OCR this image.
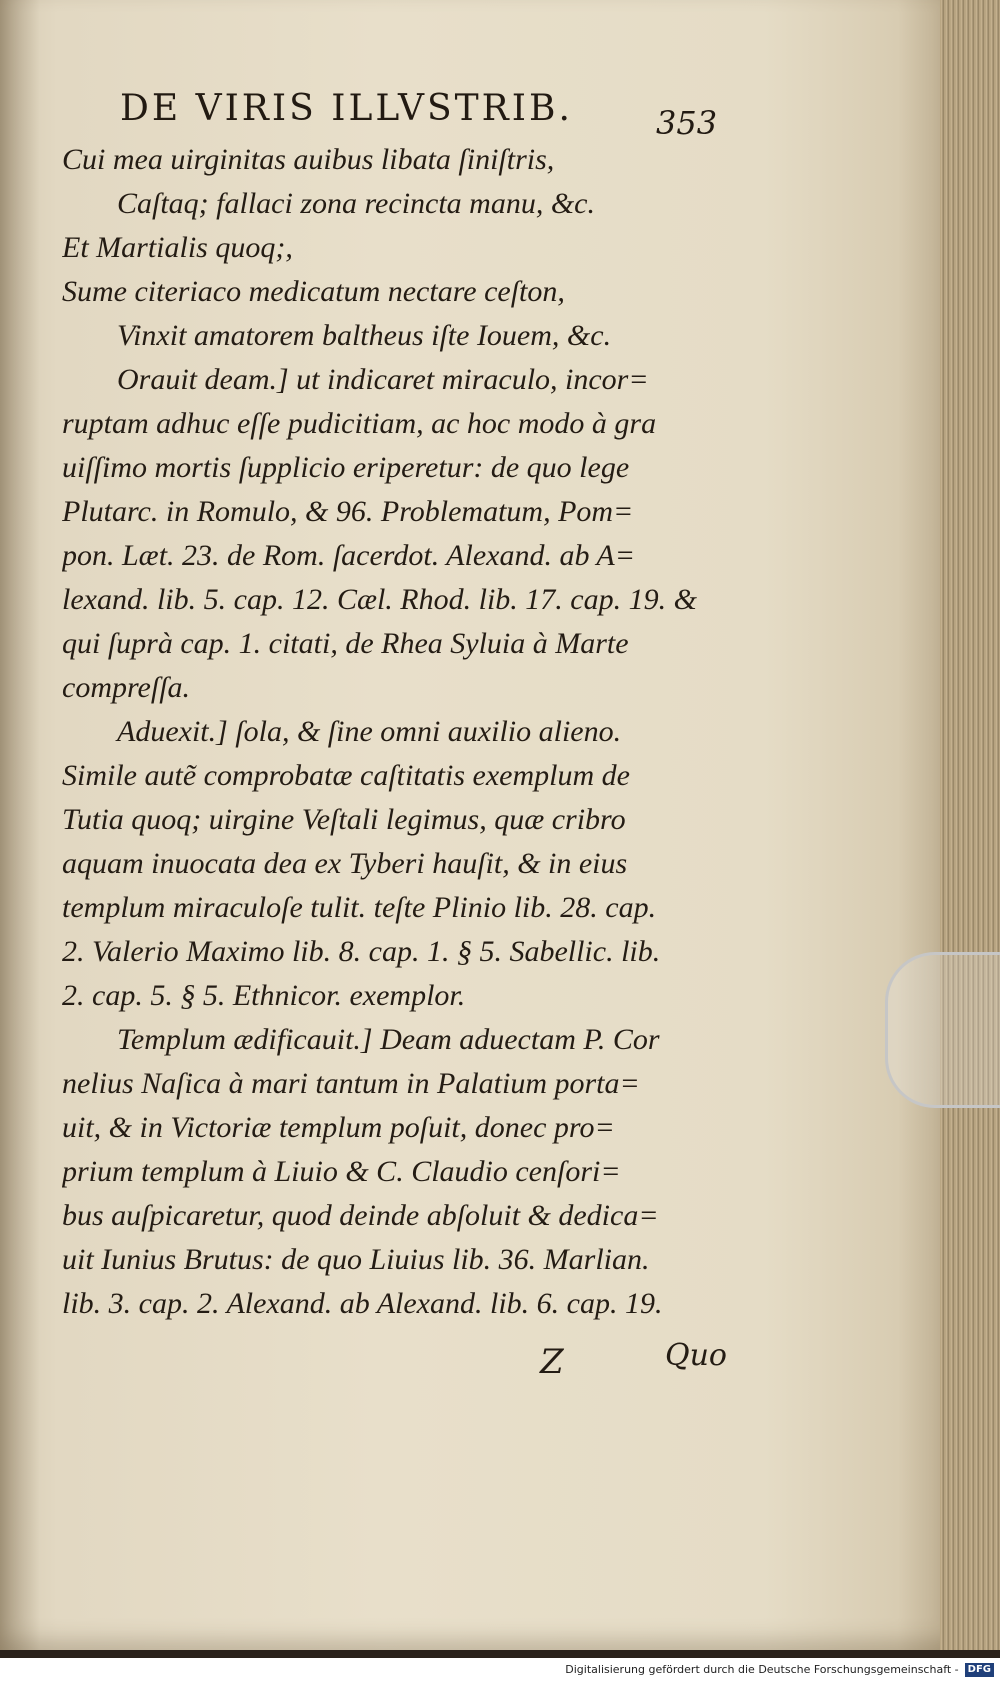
DE VIRIS ILLVSTRIB.	353
Cui mea uirginitas auibus libata ſiniſtris,
Caſtaq; fallaci zona recincta manu, &c.
Et Martialis quoq;,
Sume citeriaco medicatum nectare ceſton,
Vinxit amatorem baltheus iſte Iouem, &c.
Orauit deam.] ut indicaret miraculo, incor=
ruptam adhuc eſſe pudicitiam, ac hoc modo à gra
uiſſimo mortis ſupplicio eriperetur: de quo lege
Plutarc. in Romulo, & 96. Problematum, Pom=
pon. Læt. 23. de Rom. ſacerdot. Alexand. ab A=
lexand. lib. 5. cap. 12. Cæl. Rhod. lib. 17. cap. 19. &
qui ſuprà cap. 1. citati, de Rhea Syluia à Marte
compreſſa.
Aduexit.] ſola, & ſine omni auxilio alieno.
Simile autẽ comprobatæ caſtitatis exemplum de
Tutia quoq; uirgine Veſtali legimus, quæ cribro
aquam inuocata dea ex Tyberi hauſit, & in eius
templum miraculoſe tulit. teſte Plinio lib. 28. cap.
2. Valerio Maximo lib. 8. cap. 1. § 5. Sabellic. lib.
2. cap. 5. § 5. Ethnicor. exemplor.
Templum ædificauit.] Deam aduectam P. Cor
nelius Naſica à mari tantum in Palatium porta=
uit, & in Victoriæ templum poſuit, donec pro=
prium templum à Liuio & C. Claudio cenſori=
bus auſpicaretur, quod deinde abſoluit & dedica=
uit Iunius Brutus: de quo Liuius lib. 36. Marlian.
lib. 3. cap. 2. Alexand. ab Alexand. lib. 6. cap. 19.
Z	Quo
Digitalisierung gefördert durch die Deutsche Forschungsgemeinschaft - DFG
